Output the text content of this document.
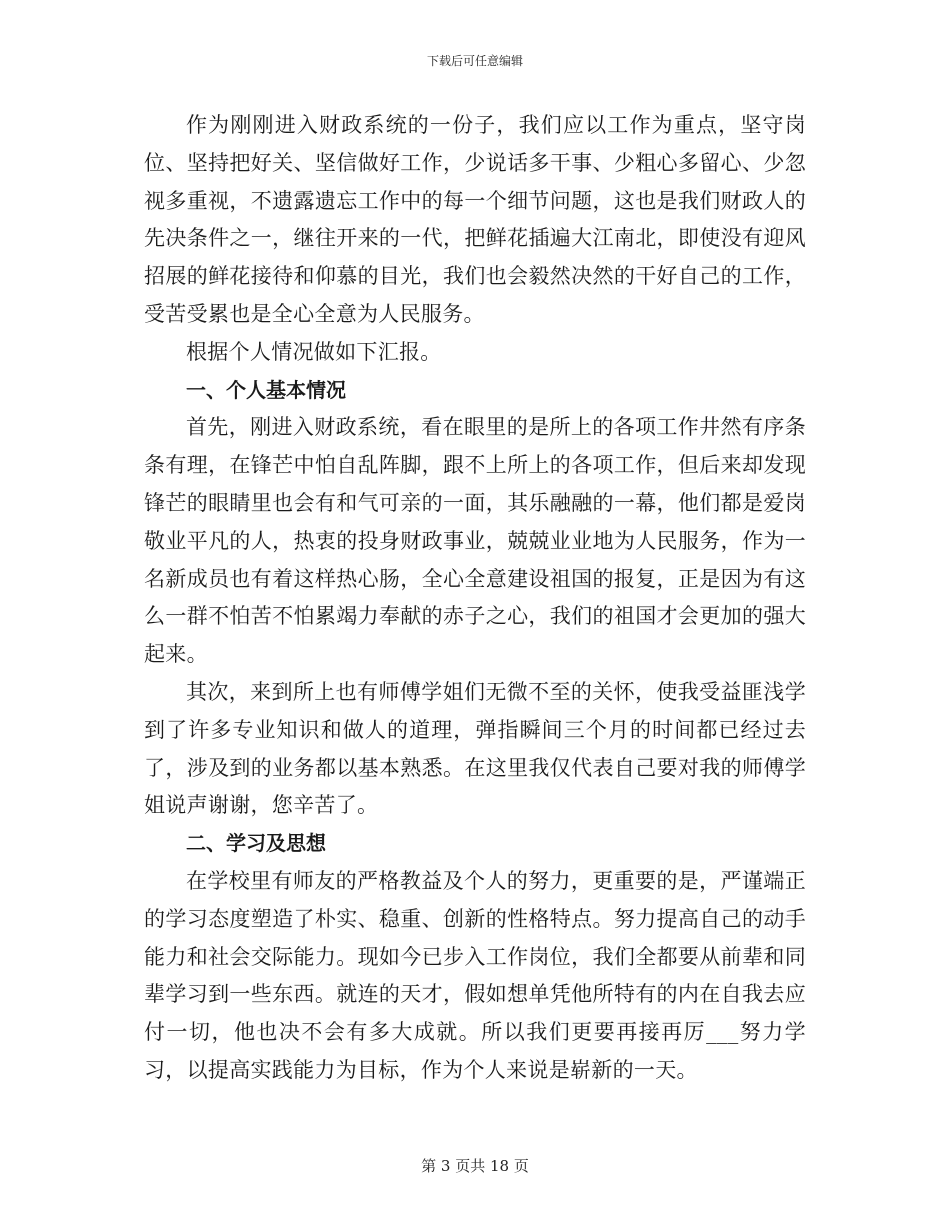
下载后可任意编辑

作为刚刚进入财政系统的一份子，我们应以工作为重点，坚守岗位、坚持把好关、坚信做好工作，少说话多干事、少粗心多留心、少忽视多重视，不遗露遗忘工作中的每一个细节问题，这也是我们财政人的先决条件之一，继往开来的一代，把鲜花插遍大江南北，即使没有迎风招展的鲜花接待和仰慕的目光，我们也会毅然决然的干好自己的工作，受苦受累也是全心全意为人民服务。

根据个人情况做如下汇报。

一、个人基本情况

首先，刚进入财政系统，看在眼里的是所上的各项工作井然有序条条有理，在锋芒中怕自乱阵脚，跟不上所上的各项工作，但后来却发现锋芒的眼睛里也会有和气可亲的一面，其乐融融的一幕，他们都是爱岗敬业平凡的人，热衷的投身财政事业，兢兢业业地为人民服务，作为一名新成员也有着这样热心肠，全心全意建设祖国的报复，正是因为有这么一群不怕苦不怕累竭力奉献的赤子之心，我们的祖国才会更加的强大起来。

其次，来到所上也有师傅学姐们无微不至的关怀，使我受益匪浅学到了许多专业知识和做人的道理，弹指瞬间三个月的时间都已经过去了，涉及到的业务都以基本熟悉。在这里我仅代表自己要对我的师傅学姐说声谢谢，您辛苦了。

二、学习及思想

在学校里有师友的严格教益及个人的努力，更重要的是，严谨端正的学习态度塑造了朴实、稳重、创新的性格特点。努力提高自己的动手能力和社会交际能力。现如今已步入工作岗位，我们全都要从前辈和同辈学习到一些东西。就连的天才，假如想单凭他所特有的内在自我去应付一切，他也决不会有多大成就。所以我们更要再接再厉___努力学习，以提高实践能力为目标，作为个人来说是崭新的一天。

第 3 页共 18 页
